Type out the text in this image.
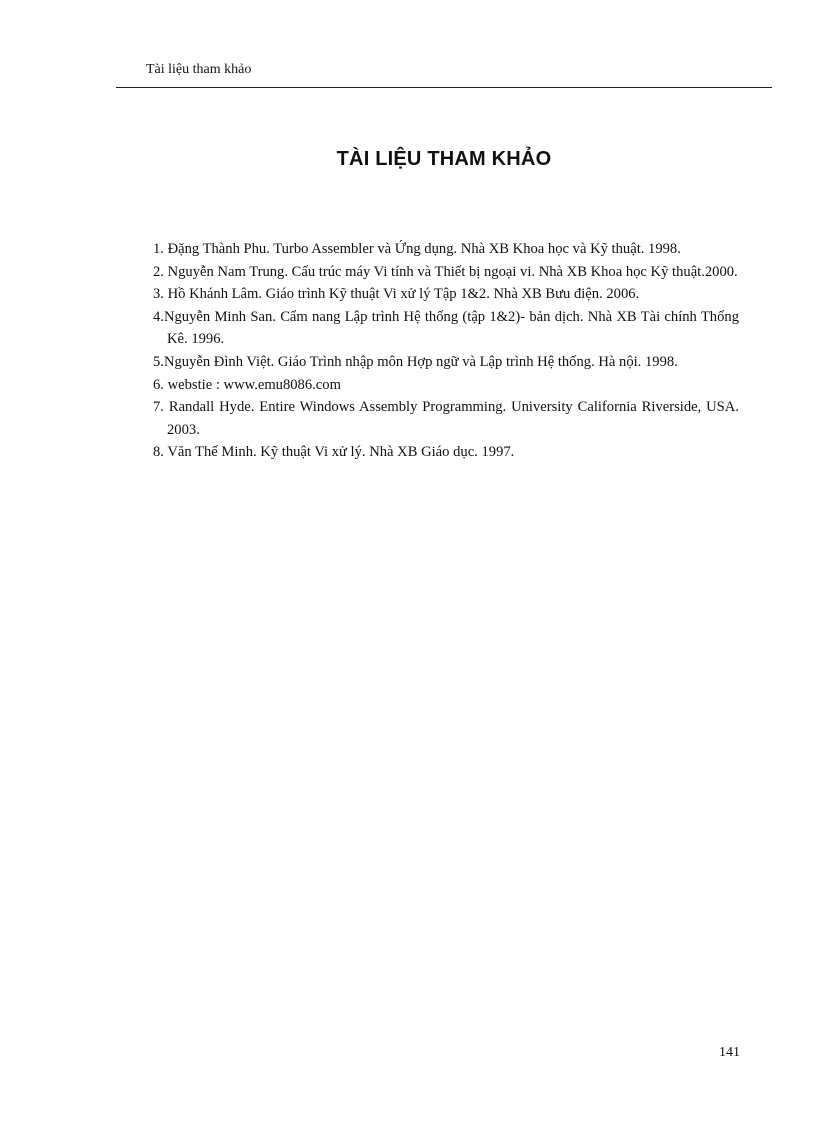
Tài liệu tham khảo
TÀI LIỆU THAM KHẢO
1. Đặng Thành Phu. Turbo Assembler và Ứng dụng. Nhà XB Khoa học và Kỹ thuật. 1998.
2. Nguyễn Nam Trung. Cấu trúc máy Vi tính và Thiết bị ngoại vi. Nhà XB Khoa học Kỹ thuật.2000.
3. Hồ Khánh Lâm. Giáo trình Kỹ thuật Vi xử lý Tập 1&2. Nhà XB Bưu điện. 2006.
4.Nguyễn Minh San. Cẩm nang Lập trình Hệ thống (tập 1&2)- bản dịch. Nhà XB Tài chính Thống Kê. 1996.
5.Nguyễn Đình Việt. Giáo Trình nhập môn Hợp ngữ và Lập trình Hệ thống. Hà nội. 1998.
6. webstie : www.emu8086.com
7. Randall Hyde. Entire Windows Assembly Programming. University California Riverside, USA. 2003.
8. Văn Thế Minh. Kỹ thuật Vi xử lý. Nhà XB Giáo dục. 1997.
141
